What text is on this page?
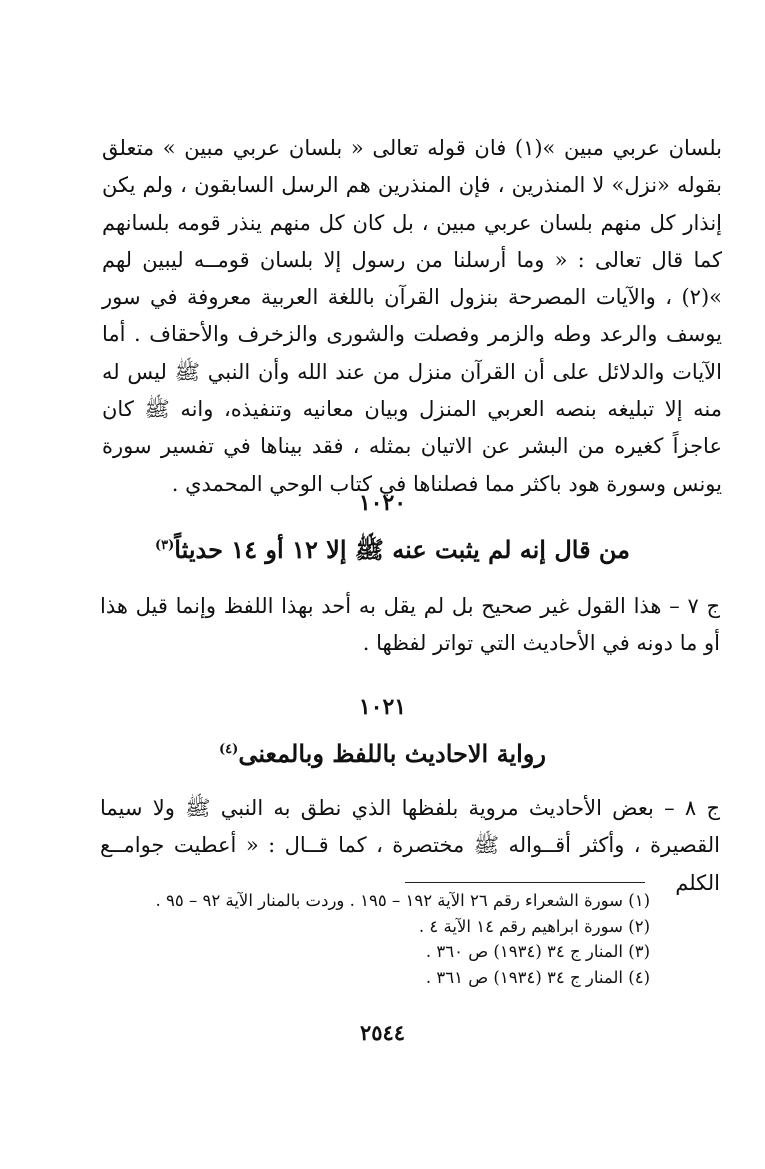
بلسان عربي مبين »(١) فان قوله تعالى « بلسان عربي مبين » متعلق بقوله «نزل» لا المنذرين ، فإن المنذرين هم الرسل السابقون ، ولم يكن إنذار كل منهم بلسان عربي مبين ، بل كان كل منهم ينذر قومه بلسانهم كما قال تعالى : « وما أرسلنا من رسول إلا بلسان قومــه ليبين لهم »(٢) ، والآيات المصرحة بنزول القرآن باللغة العربية معروفة في سور يوسف والرعد وطه والزمر وفصلت والشورى والزخرف والأحقاف . أما الآيات والدلائل على أن القرآن منزل من عند الله وأن النبي ﷺ ليس له منه إلا تبليغه بنصه العربي المنزل وبيان معانيه وتنفيذه، وانه ﷺ كان عاجزاً كغيره من البشر عن الاتيان بمثله ، فقد بيناها في تفسير سورة يونس وسورة هود باكثر مما فصلناها في كتاب الوحي المحمدي .

١٠٢٠
من قال إنه لم يثبت عنه ﷺ إلا ١٢ أو ١٤ حديثاً$^{(٣)}$

ج ٧ – هذا القول غير صحيح بل لم يقل به أحد بهذا اللفظ وإنما قيل هذا أو ما دونه في الأحاديث التي تواتر لفظها .

١٠٢١
رواية الاحاديث باللفظ وبالمعنى$^{(٤)}$

ج ٨ – بعض الأحاديث مروية بلفظها الذي نطق به النبي ﷺ ولا سيما القصيرة ، وأكثر أقــواله ﷺ مختصرة ، كما قــال : « أعطيت جوامــع الكلم

(١) سورة الشعراء رقم ٢٦ الآية ١٩٢ – ١٩٥ . وردت بالمنار الآية ٩٢ – ٩٥ .
(٢) سورة ابراهيم رقم ١٤ الآية ٤ .
(٣) المنار ج ٣٤ (١٩٣٤) ص ٣٦٠ .
(٤) المنار ج ٣٤ (١٩٣٤) ص ٣٦١ .
٢٥٤٤
